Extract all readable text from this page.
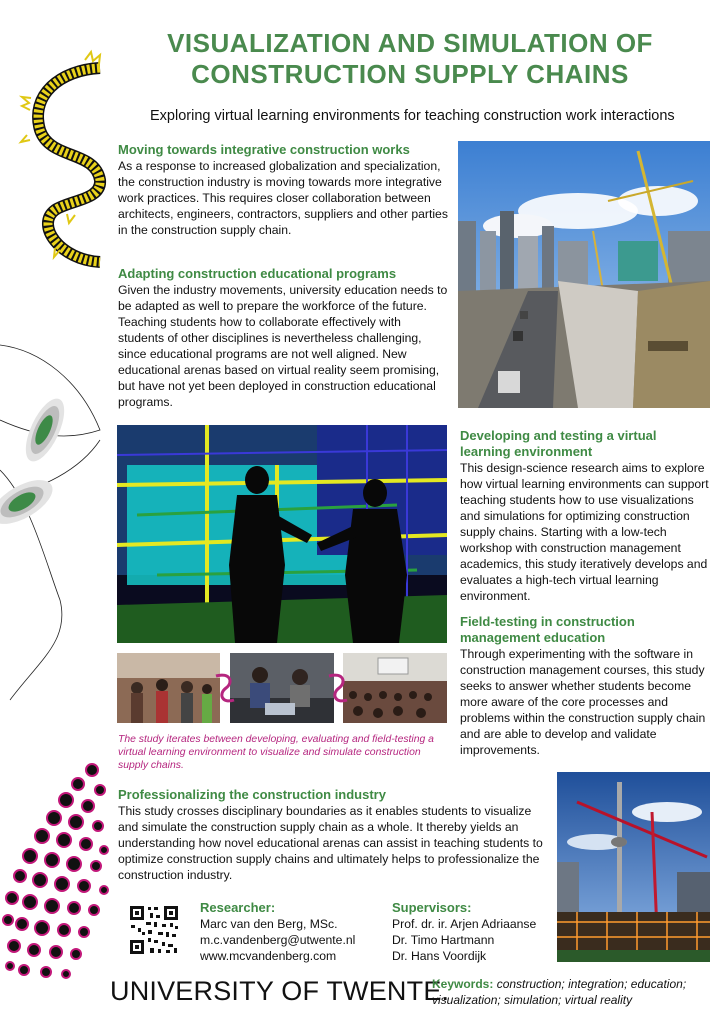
VISUALIZATION AND SIMULATION OF
CONSTRUCTION SUPPLY CHAINS
Exploring virtual learning environments for teaching construction work interactions
Moving towards integrative construction works
As a response to increased globalization and specialization, the construction industry is moving towards more integrative work practices. This requires closer collaboration between architects, engineers, contractors, suppliers and other parties in the construction supply chain.
Adapting construction educational programs
Given the industry movements, university education needs to be adapted as well to prepare the workforce of the future. Teaching students how to collaborate effectively with students of other disciplines is nevertheless challenging, since educational programs are not well aligned. New educational arenas based on virtual reality seem promising, but have not yet been deployed in construction educational programs.
The study iterates between developing, evaluating and field-testing a virtual learning environment to visualize and simulate construction supply chains.
Developing and testing a virtual learning environment
This design-science research aims to explore how virtual learning environments can support teaching students how to use visualizations and simulations for optimizing construction supply chains. Starting with a low-tech workshop with construction management academics, this study iteratively develops and evaluates a high-tech virtual learning environment.
Field-testing in construction management education
Through experimenting with the software in construction management courses, this study seeks to answer whether students become more aware of the core processes and problems within the construction supply chain and are able to develop and validate improvements.
Professionalizing the construction industry
This study crosses disciplinary boundaries as it enables students to visualize and simulate the construction supply chain as a whole. It thereby yields an understanding how novel educational arenas can assist in teaching students to optimize construction supply chains and ultimately helps to professionalize the construction industry.
Researcher:
Marc van den Berg, MSc.
m.c.vandenberg@utwente.nl
www.mcvandenberg.com
Supervisors:
Prof. dr. ir. Arjen Adriaanse
Dr. Timo Hartmann
Dr. Hans Voordijk
UNIVERSITY OF TWENTE.
Keywords: construction; integration; education; visualization; simulation; virtual reality
